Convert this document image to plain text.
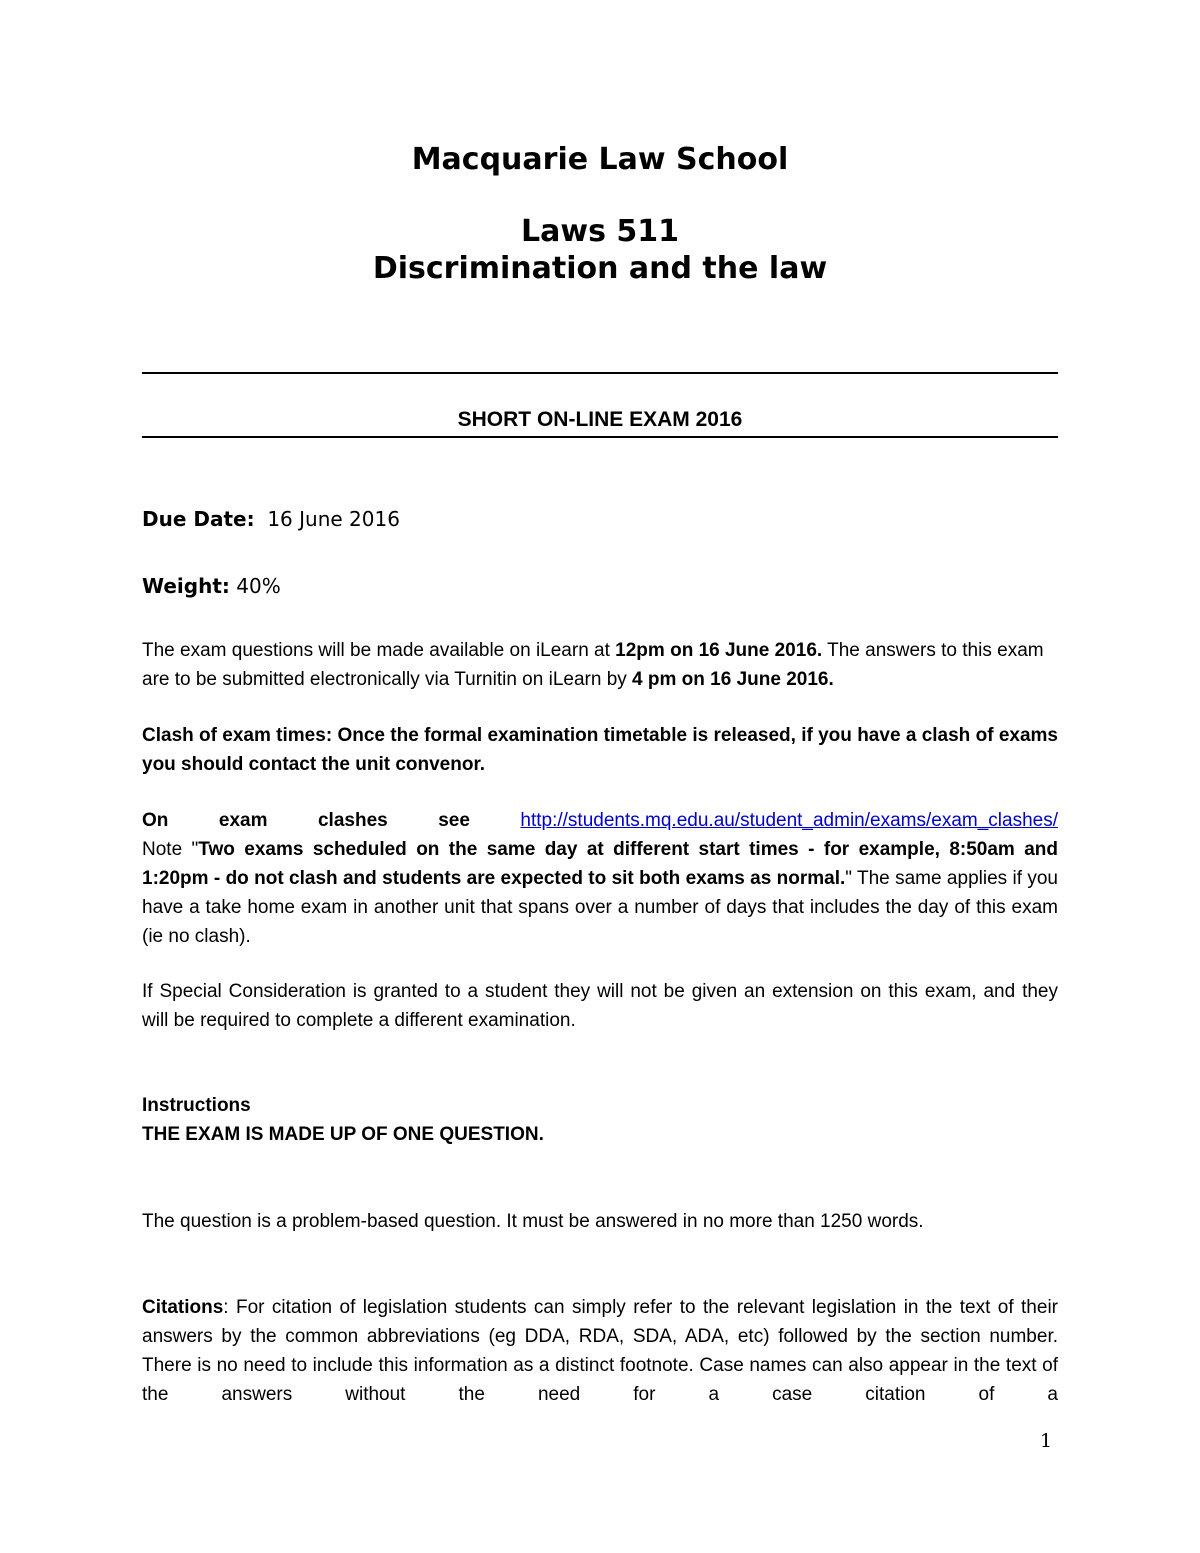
Macquarie Law School
Laws 511
Discrimination and the law
SHORT ON-LINE EXAM 2016
Due Date: 16 June 2016
Weight: 40%
The exam questions will be made available on iLearn at 12pm on 16 June 2016. The answers to this exam are to be submitted electronically via Turnitin on iLearn by 4 pm on 16 June 2016.
Clash of exam times: Once the formal examination timetable is released, if you have a clash of exams you should contact the unit convenor.
On exam clashes see http://students.mq.edu.au/student_admin/exams/exam_clashes/
Note "Two exams scheduled on the same day at different start times - for example, 8:50am and 1:20pm - do not clash and students are expected to sit both exams as normal." The same applies if you have a take home exam in another unit that spans over a number of days that includes the day of this exam (ie no clash).
If Special Consideration is granted to a student they will not be given an extension on this exam, and they will be required to complete a different examination.
Instructions
THE EXAM IS MADE UP OF ONE QUESTION.
The question is a problem-based question. It must be answered in no more than 1250 words.
Citations: For citation of legislation students can simply refer to the relevant legislation in the text of their answers by the common abbreviations (eg DDA, RDA, SDA, ADA, etc) followed by the section number. There is no need to include this information as a distinct footnote. Case names can also appear in the text of the answers without the need for a case citation of a
1
